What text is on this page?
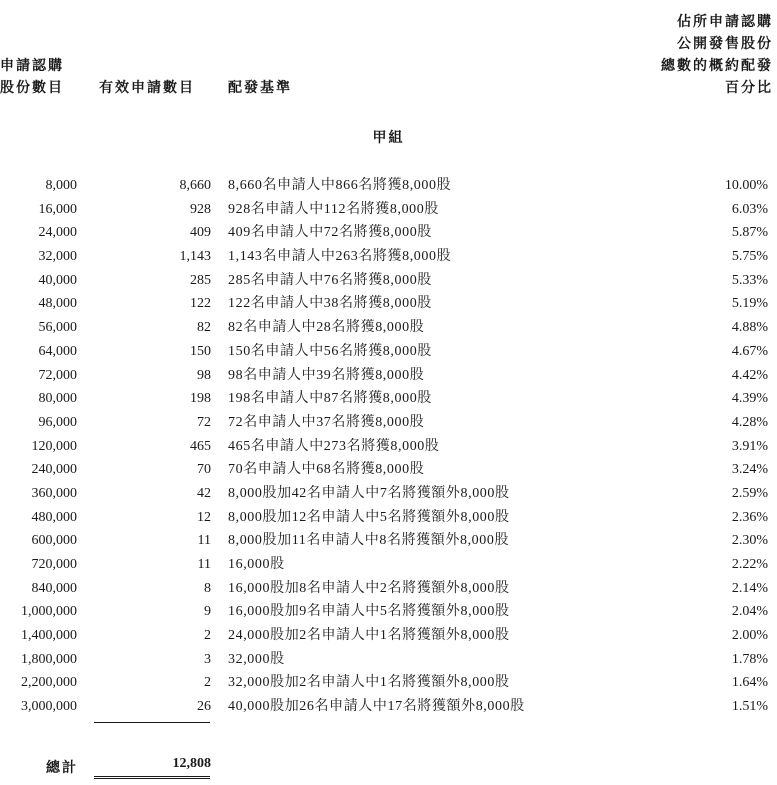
申請認購
股份數目	有效申請數目 配發基準
佔所申請認購
公開發售股份
總數的概約配發
百分比
甲組
8,000	8,660 8,660名申請人中866名將獲8,000股	10.00%
16,000	928 928名申請人中112名將獲8,000股	6.03%
24,000	409 409名申請人中72名將獲8,000股	5.87%
32,000	1,143 1,143名申請人中263名將獲8,000股	5.75%
40,000	285 285名申請人中76名將獲8,000股	5.33%
48,000	122 122名申請人中38名將獲8,000股	5.19%
56,000	82 82名申請人中28名將獲8,000股	4.88%
64,000	150 150名申請人中56名將獲8,000股	4.67%
72,000	98 98名申請人中39名將獲8,000股	4.42%
80,000	198 198名申請人中87名將獲8,000股	4.39%
96,000	72 72名申請人中37名將獲8,000股	4.28%
120,000	465 465名申請人中273名將獲8,000股	3.91%
240,000	70 70名申請人中68名將獲8,000股	3.24%
360,000	42 8,000股加42名申請人中7名將獲額外8,000股	2.59%
480,000	12 8,000股加12名申請人中5名將獲額外8,000股	2.36%
600,000	11 8,000股加11名申請人中8名將獲額外8,000股	2.30%
720,000	11 16,000股	2.22%
840,000	8 16,000股加8名申請人中2名將獲額外8,000股	2.14%
1,000,000	9 16,000股加9名申請人中5名將獲額外8,000股	2.04%
1,400,000	2 24,000股加2名申請人中1名將獲額外8,000股	2.00%
1,800,000	3 32,000股	1.78%
2,200,000	2 32,000股加2名申請人中1名將獲額外8,000股	1.64%
3,000,000	26 40,000股加26名申請人中17名將獲額外8,000股	1.51%
總計	12,808
